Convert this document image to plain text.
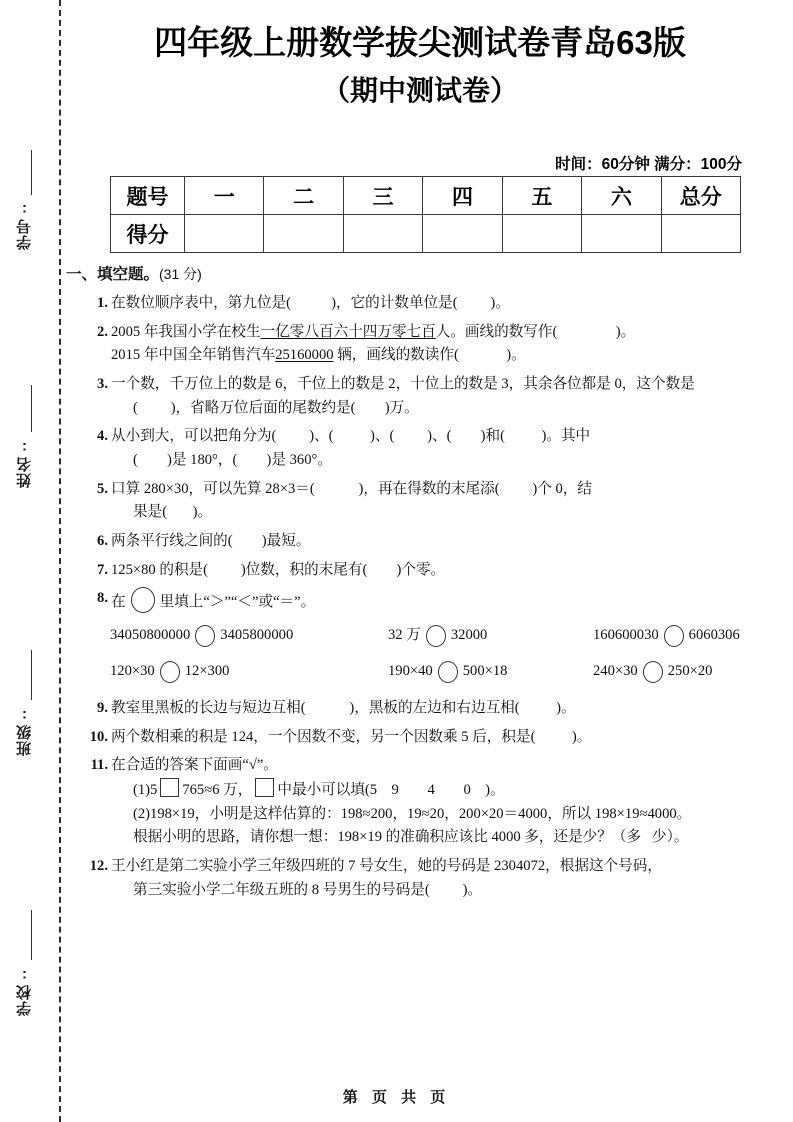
学号:
姓名:
班级:
学校:
四年级上册数学拔尖测试卷青岛63版
（期中测试卷）
时间：60分钟 满分：100分
题号	一	二	三	四	五	六	总分
得分							
一、填空题。(31 分)
1. 在数位顺序表中，第九位是(           )，它的计数单位是(         )。
2. 2005 年我国小学在校生一亿零八百六十四万零七百人。画线的数写作(                )。
2015 年中国全年销售汽车25160000 辆，画线的数读作(             )。
3. 一个数，千万位上的数是 6，千位上的数是 2，十位上的数是 3，其余各位都是 0，这个数是
(         )，省略万位后面的尾数约是(        )万。
4. 从小到大，可以把角分为(         )、(          )、(         )、(        )和(          )。其中
(        )是 180°，(        )是 360°。
5. 口算 280×30，可以先算 28×3＝(            )，再在得数的末尾添(         )个 0，结
果是(       )。
6. 两条平行线之间的(        )最短。
7. 125×80 的积是(         )位数，积的末尾有(        )个零。
8. 在 里填上“＞”“＜”或“＝”。
34050800000 3405800000	32 万 32000	160600030 6060306
120×30 12×300	190×40 500×18	240×30 250×20
9. 教室里黑板的长边与短边互相(            )，黑板的左边和右边互相(          )。
10. 两个数相乘的积是 124，一个因数不变，另一个因数乘 5 后，积是(          )。
11. 在合适的答案下面画“√”。
(1)5 765≈6 万， 中最小可以填(5 9 4 0 )。
(2)198×19，小明是这样估算的：198≈200，19≈20，200×20＝4000，所以 198×19≈4000。
根据小明的思路，请你想一想：198×19 的准确积应该比 4000 多，还是少？（多   少）。
12. 王小红是第二实验小学三年级四班的 7 号女生，她的号码是 2304072，根据这个号码，
第三实验小学二年级五班的 8 号男生的号码是(         )。
第 页 共 页
